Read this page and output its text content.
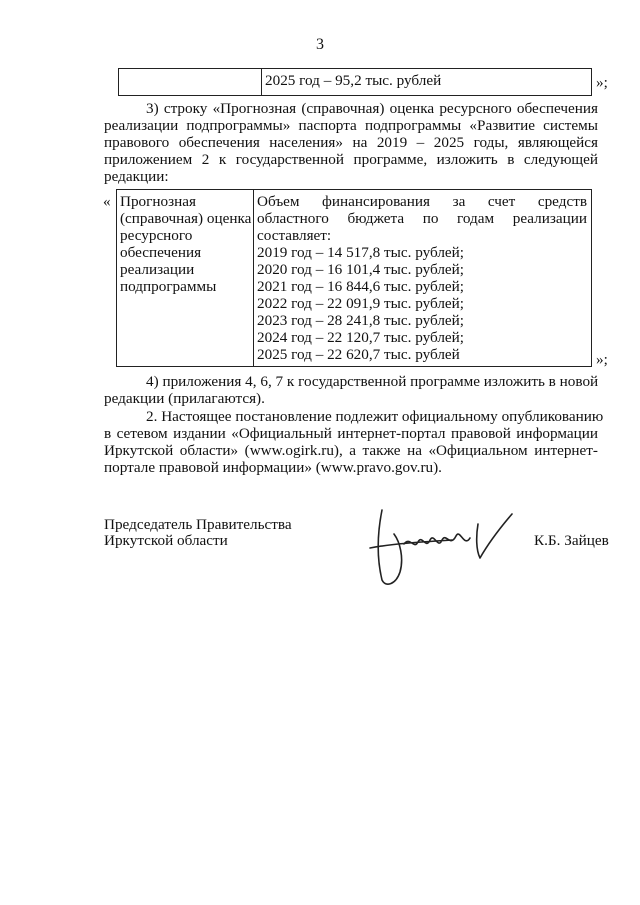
3

2025 год – 95,2 тыс. рублей	»;
3) строку «Прогнозная (справочная) оценка ресурсного обеспечения
реализации подпрограммы» паспорта подпрограммы «Развитие системы
правового обеспечения населения» на 2019 – 2025 годы, являющейся
приложением 2 к государственной программе, изложить в следующей
редакции:
« Прогнозная
(справочная) оценка
ресурсного
обеспечения
реализации
подпрограммы

Объем финансирования за счет средств
областного бюджета по годам реализации
составляет:
2019 год – 14 517,8 тыс. рублей;
2020 год – 16 101,4 тыс. рублей;
2021 год – 16 844,6 тыс. рублей;
2022 год – 22 091,9 тыс. рублей;
2023 год – 28 241,8 тыс. рублей;
2024 год – 22 120,7 тыс. рублей;
2025 год – 22 620,7 тыс. рублей	»;
4) приложения 4, 6, 7 к государственной программе изложить в новой
редакции (прилагаются).
2. Настоящее постановление подлежит официальному опубликованию
в сетевом издании «Официальный интернет-портал правовой информации
Иркутской области» (www.ogirk.ru), а также на «Официальном интернет-
портале правовой информации» (www.pravo.gov.ru).
Председатель Правительства
Иркутской области	К.Б. Зайцев
